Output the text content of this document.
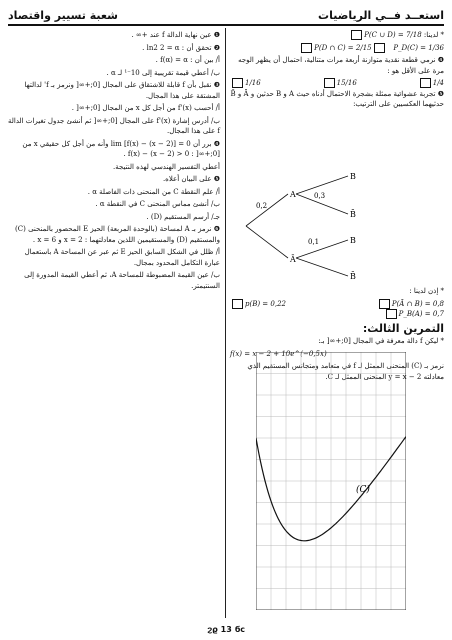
استعــد فــي الرياضيات
شعبة تسيير واقتصاد

* لدينا: P(C ∪ D) = 7/18

P(D ∩ C) = 2/15	P_D(C) = 1/36

❹ نرمي قطعة نقدية متوازنة أربعة مرات متتالية، احتمال أن يظهر الوجه مرة على الأقل هو :

1/16	15/16	1/4

❺ تجربة عشوائية ممثلة بشجرة الاحتمال أدناه حيث A و B حدثين و Ā و B̄ حدثيهما العكسيين على الترتيب:

A
Ā
B
B̄
B
B̄
0,2
0,3
0,1

* إذن لدينا :

p(B) = 0,22	P(Ā ∩ B) = 0,8
P_B(A) = 0,7
التمرين الثالث:

* ليكن f دالة معرفة في المجال [0;+∞[ بـ:

f(x) = x − 2 + 10e^(−0,5x)

نرمز بـ (C) المنحنى الممثل لـ f في متعامد ومتجانس المستقيم الذي معادلته y = x − 2 المنحنى الممثل لـ C.

(C)

❶ عين نهاية الدالة f عند +∞ .

❷ تحقق أن : ln2 2 = α .

أ/ بين أن : f(α) = α .

ب/ أعطي قيمة تقريبية إلى 10⁻¹ لـ α .

❸ نقبل بأن f قابلة للاشتقاق على المجال [0;+∞[ ونرمز بـ f' لدالتها المشتقة على هذا المجال.

أ/ أحسب f'(x) من أجل كل x من المجال [0;+∞[ .

ب/ أدرس إشارة f'(x) على المجال [0;+∞[ ثم أنشئ جدول تغيرات الدالة f على هذا المجال.

❹ برر أن lim [f(x) − (x − 2)] = 0 وأنه من أجل كل حقيقي x من [0;+∞[ : f(x) − (x − 2) > 0 .

أعطي التفسير الهندسي لهذه النتيجة.

❺ على البيان أعلاه.

أ/ علم النقطة C من المنحنى ذات الفاصلة α .

ب/ أنشئ مماس المنحنى C في النقطة α .

جـ/ أرسم المستقيم (D) .

❻ نرمز بـ A لمساحة (بالوحدة المربعة) الحيز E المحصور بالمنحنى (C) والمستقيم (D) والمستقيمين اللذين معادلتهما : x = 2 و x = 6 .

أ/ ظلل في الشكل السابق الحيز E ثم عبر عن المساحة A باستعمال عبارة التكامل المحدود بمجال.

ب/ عين القيمة المضبوطة للمساحة A، ثم أعطي القيمة المدورة إلى السنتيمتر.

ϩϱ 13 ϭϲ
